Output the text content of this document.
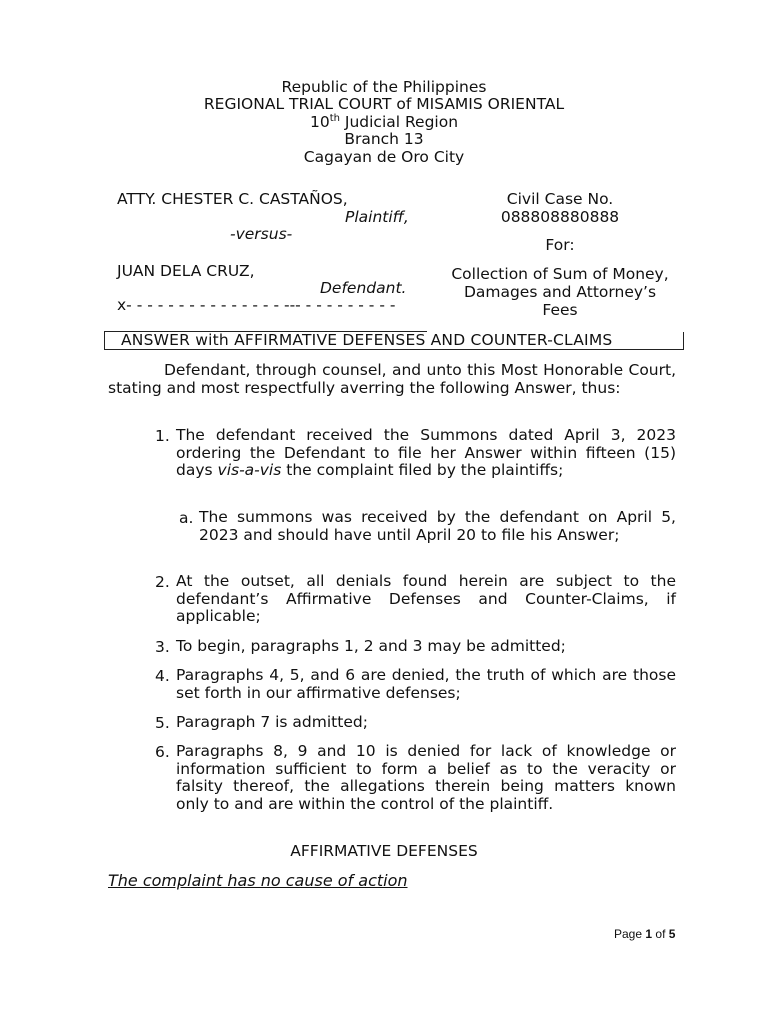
Republic of the Philippines
REGIONAL TRIAL COURT of MISAMIS ORIENTAL
10th Judicial Region
Branch 13
Cagayan de Oro City
ATTY. CHESTER C. CASTAÑOS,
Plaintiff,
-versus-
JUAN DELA CRUZ,
Defendant.
x- - - - - - - - - - - - - - - --- - - - - - - - - -
Civil Case No.
088808880888
For:
Collection of Sum of Money,
Damages and Attorney’s
Fees
ANSWER with AFFIRMATIVE DEFENSES AND COUNTER-CLAIMS
Defendant, through counsel, and unto this Most Honorable Court, stating and most respectfully averring the following Answer, thus:
1. The defendant received the Summons dated April 3, 2023 ordering the Defendant to file her Answer within fifteen (15) days vis-a-vis the complaint filed by the plaintiffs;
a. The summons was received by the defendant on April 5, 2023 and should have until April 20 to file his Answer;
2. At the outset, all denials found herein are subject to the defendant’s Affirmative Defenses and Counter-Claims, if applicable;
3. To begin, paragraphs 1, 2 and 3 may be admitted;
4. Paragraphs 4, 5, and 6 are denied, the truth of which are those set forth in our affirmative defenses;
5. Paragraph 7 is admitted;
6. Paragraphs 8, 9 and 10 is denied for lack of knowledge or information sufficient to form a belief as to the veracity or falsity thereof, the allegations therein being matters known only to and are within the control of the plaintiff.
AFFIRMATIVE DEFENSES
The complaint has no cause of action
Page 1 of 5
